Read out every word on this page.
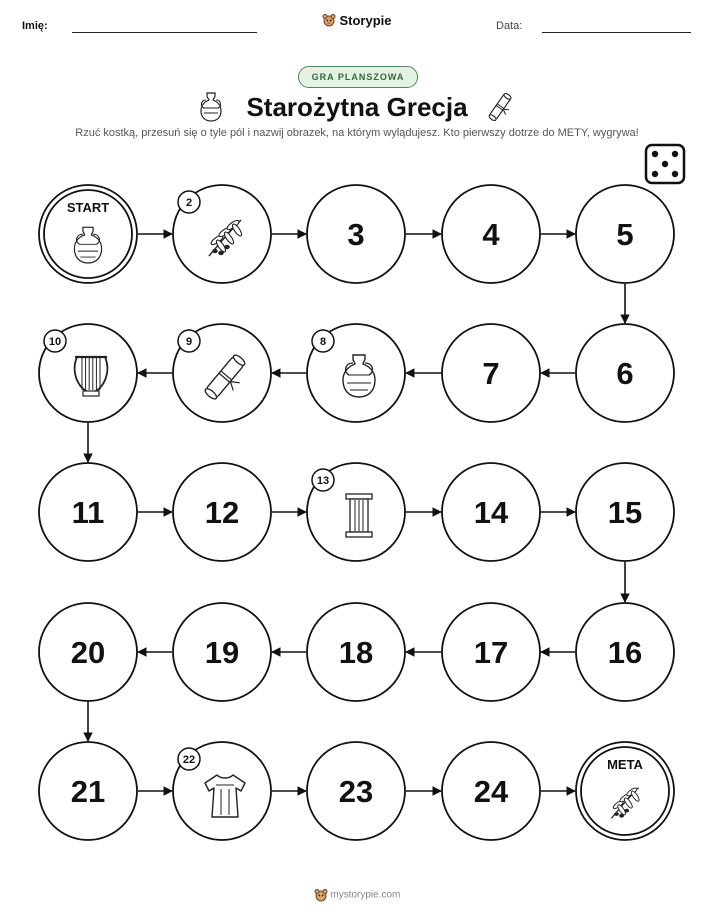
Imię:	Storypie	Data:
GRA PLANSZOWA
Starożytna Grecja
Rzuć kostką, przesuń się o tyle pól i nazwij obrazek, na którym wylądujesz. Kto pierwszy dotrze do METY, wygrywa!
START	2
3	4	5
6
7
8
9
10
11	12
13
14	15
16
17
18
19
20
21
22
23	24
META
mystorypie.com
